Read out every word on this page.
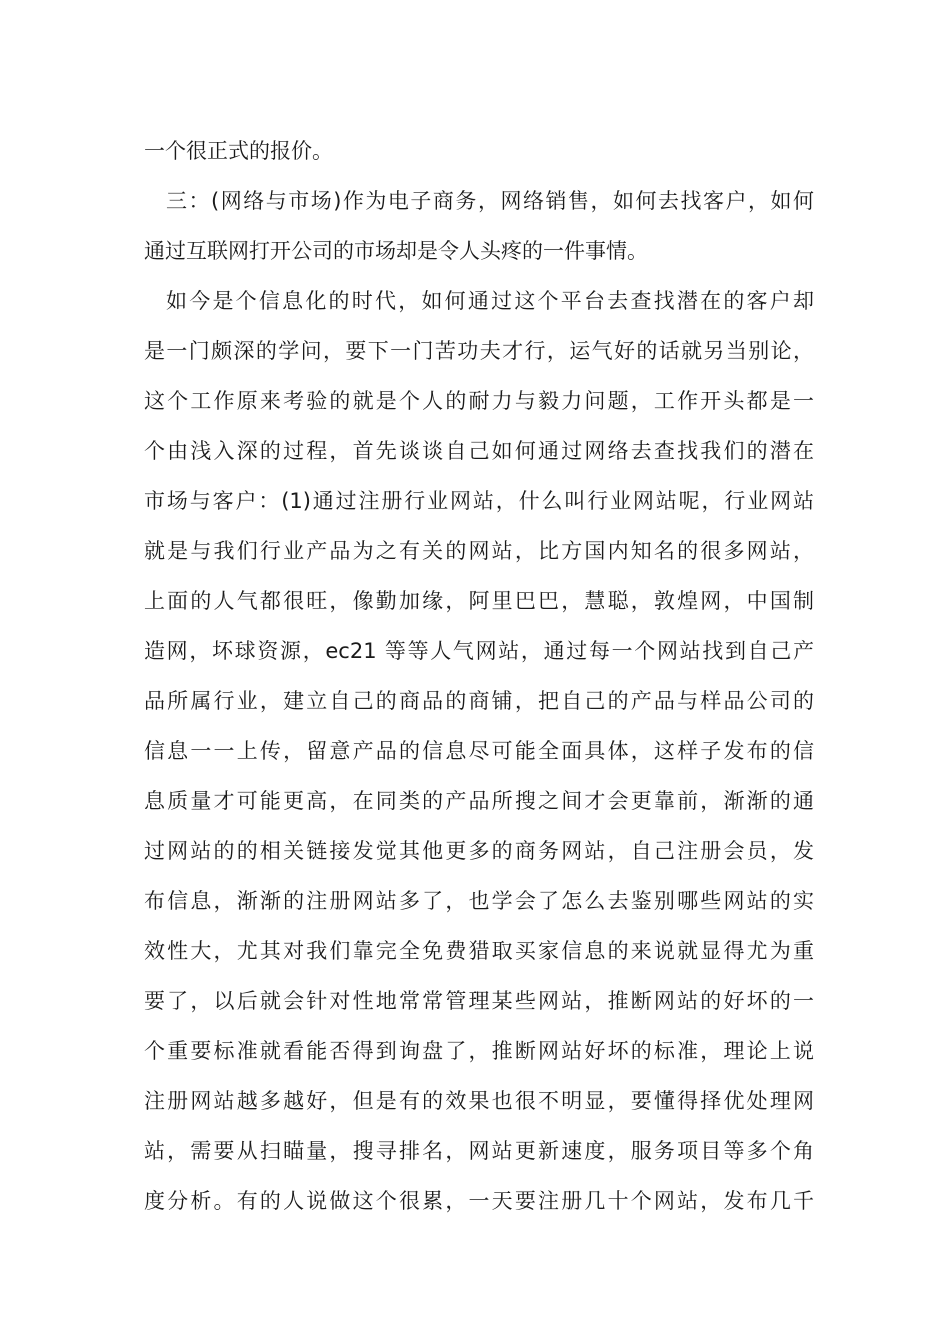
一个很正式的报价。
三：(网络与市场)作为电子商务，网络销售，如何去找客户，如何
通过互联网打开公司的市场却是令人头疼的一件事情。
如今是个信息化的时代，如何通过这个平台去查找潜在的客户却
是一门颇深的学问，要下一门苦功夫才行，运气好的话就另当别论，
这个工作原来考验的就是个人的耐力与毅力问题，工作开头都是一
个由浅入深的过程，首先谈谈自己如何通过网络去查找我们的潜在
市场与客户：(1)通过注册行业网站，什么叫行业网站呢，行业网站
就是与我们行业产品为之有关的网站，比方国内知名的很多网站，
上面的人气都很旺，像勤加缘，阿里巴巴，慧聪，敦煌网，中国制
造网，坏球资源，ec21 等等人气网站，通过每一个网站找到自己产
品所属行业，建立自己的商品的商铺，把自己的产品与样品公司的
信息一一上传，留意产品的信息尽可能全面具体，这样子发布的信
息质量才可能更高，在同类的产品所搜之间才会更靠前，渐渐的通
过网站的的相关链接发觉其他更多的商务网站，自己注册会员，发
布信息，渐渐的注册网站多了，也学会了怎么去鉴别哪些网站的实
效性大，尤其对我们靠完全免费猎取买家信息的来说就显得尤为重
要了，以后就会针对性地常常管理某些网站，推断网站的好坏的一
个重要标准就看能否得到询盘了，推断网站好坏的标准，理论上说
注册网站越多越好，但是有的效果也很不明显，要懂得择优处理网
站，需要从扫瞄量，搜寻排名，网站更新速度，服务项目等多个角
度分析。有的人说做这个很累，一天要注册几十个网站，发布几千
